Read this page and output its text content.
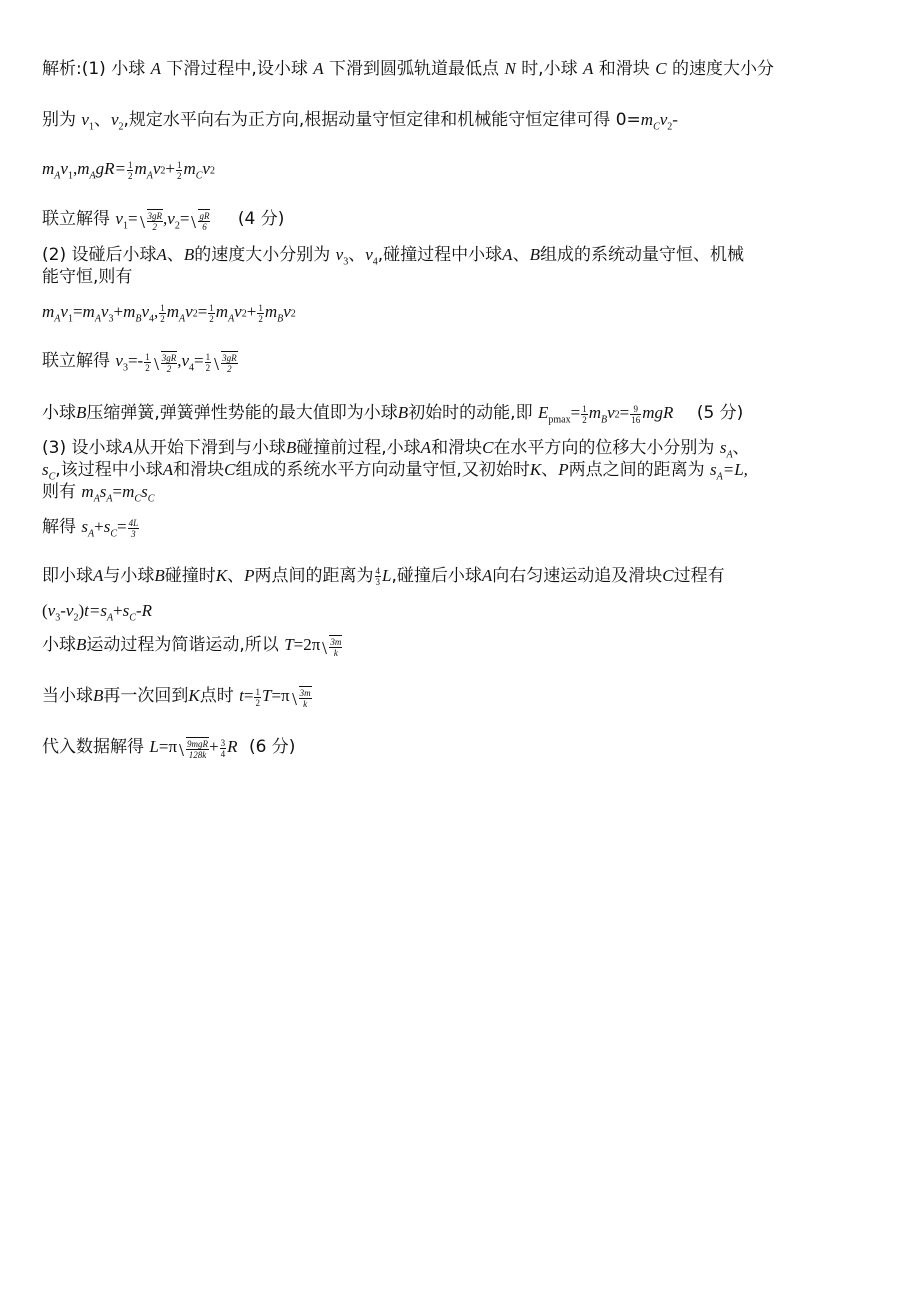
解析:(1) 小球 A 下滑过程中,设小球 A 下滑到圆弧轨道最低点 N 时,小球 A 和滑块 C 的速度大小分
别为 $v_1$、$v_2$,规定水平向右为正方向,根据动量守恒定律和机械能守恒定律可得 $0=m_Cv_2-$
$m_Av_1,m_AgR= \frac{1}{2} m_Av_{^2}+ \frac{1}{2} m_Cv_{^2}$
联立解得 $v_1= \frac{3gR}{2} ,v_2= \frac{gR}{6} (4$ 分)
(2) 设碰后小球A、B的速度大小分别为 $v_3$、$v_4$,碰撞过程中小球A、B组成的系统动量守恒、机械
能守恒,则有
$m_Av_1=m_Av_3+m_Bv_4$, $\frac{1}{2} m_Av_{^2}= \frac{1}{2} m_Av_{^2}+ \frac{1}{2} m_Bv_{^2}$
联立解得 $v_3=- \frac{1}{2} \frac{3gR}{2} ,v_4= \frac{1}{2} \frac{3gR}{2}$
小球B压缩弹簧,弹簧弹性势能的最大值即为小球B初始时的动能,即 $E_{pmax}= \frac{1}{2} m_Bv_{^2}= \frac{9}{16}$ mgR (5 分)
(3) 设小球A从开始下滑到与小球B碰撞前过程,小球A和滑块C在水平方向的位移大小分别为 $s_A$、
$s_C$,该过程中小球A和滑块C组成的系统水平方向动量守恒,又初始时K、P两点之间的距离为 $s_A=L$,
则有 $m_As_A=m_Cs_C$
解得 $s_A+s_C= \frac{4L}{3}$
即小球A与小球B碰撞时K、P两点间的距离为 $\frac{4}{3} L$,碰撞后小球A向右匀速运动追及滑块C过程有
$(v_3-v_2)t=s_A+s_C-R$
小球B运动过程为简谐运动,所以 $T=2\pi \frac{3m}{k}$
当小球B再一次回到K点时 $t= \frac{1}{2} T=\pi \frac{3m}{k}$
代入数据解得 L=π 9mgR
$128k + \frac{3}{4}$ R (6 分)
